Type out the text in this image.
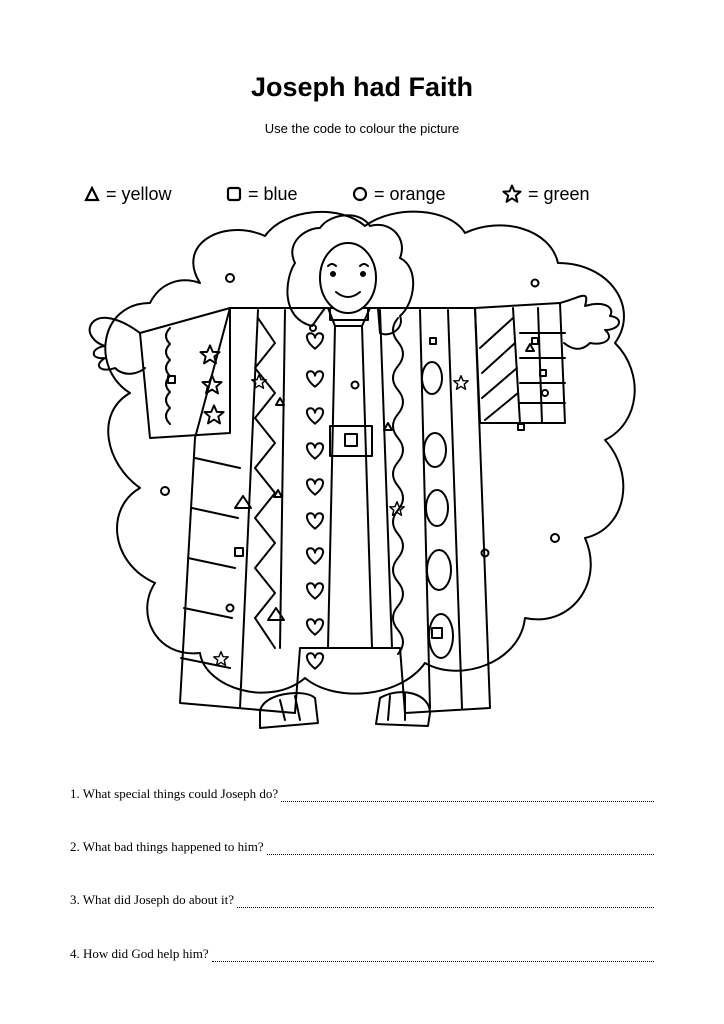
Joseph had Faith
Use the code to colour the picture
= yellow	= blue	= orange	= green
1. What special things could Joseph do?
2. What bad things happened to him?
3. What did Joseph do about it?
4. How did God help him?
